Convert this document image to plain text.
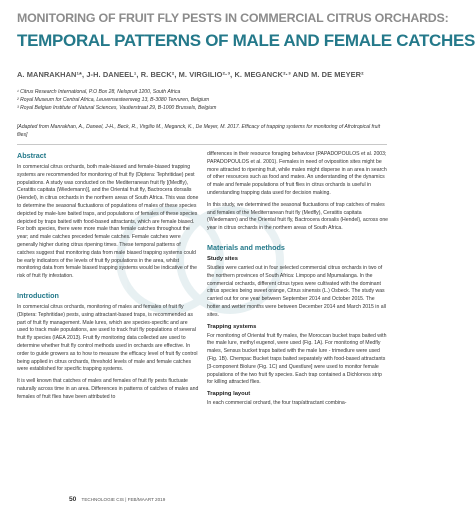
MONITORING OF FRUIT FLY PESTS IN COMMERCIAL CITRUS ORCHARDS:
TEMPORAL PATTERNS OF MALE AND FEMALE CATCHES
A. MANRAKHAN¹*, J-H. DANEEL¹, R. BECK², M. VIRGILIO²·³, K. MEGANCK²·³ AND M. DE MEYER²
¹ Citrus Research International, P.O Box 28, Nelspruit 1200, South Africa
² Royal Museum for Central Africa, Leuvensesteenweg 13, B-3080 Tervuren, Belgium
³ Royal Belgian Institute of Natural Sciences, Vautierstraat 29, B-1000 Brussels, Belgium
[Adapted from Manrakhan, A., Daneel, J-H., Beck, R., Virgilio M., Meganck, K., De Meyer, M. 2017. Efficacy of trapping systems for monitoring of Afrotropical fruit flies]
Abstract

In commercial citrus orchards, both male-biased and female-biased trapping systems are recommended for monitoring of fruit fly (Diptera: Tephritidae) pest populations. A study was conducted on the Mediterranean fruit fly [(Medfly), Ceratitis capitata (Wiedemann)], and the Oriental fruit fly, Bactrocera dorsalis (Hendel), in citrus orchards in the northern areas of South Africa. This was done to determine the seasonal fluctuations of populations of males of these species depicted by male-lure baited traps, and populations of females of these species depicted by traps baited with food-based attractants, which are female biased. For both species, there were more male than female catches throughout the year; and male catches preceded female catches. Female catches were generally higher during citrus ripening times. These temporal patterns of catches suggest that monitoring data from male biased trapping systems could be early indicators of the levels of fruit fly populations in the area, whilst monitoring data from female biased trapping systems would be indicative of the risk of fruit fly infestation.

Introduction

In commercial citrus orchards, monitoring of males and females of fruit fly (Diptera: Tephritidae) pests, using attractant-based traps, is recommended as part of fruit fly management. Male lures, which are species-specific and are used to track male populations, are used to track fruit fly populations of several fruit fly species (IAEA 2013). Fruit fly monitoring data collected are used to determine whether fruit fly control methods used in orchards are effective. In order to guide growers as to how to measure the efficacy level of fruit fly control being applied in citrus orchards, threshold levels of male and female catches were established for specific trapping systems.

It is well known that catches of males and females of fruit fly pests fluctuate naturally across time in an area. Differences in patterns of catches of males and females of fruit flies have been attributed to

differences in their resource foraging behaviour (PAPADOPOULOS et al. 2003; PAPADOPOULOS et al. 2001). Females in need of oviposition sites might be more attracted to ripening fruit, while males might disperse in an area in search of other resources such as food and mates. An understanding of the dynamics of male and female populations of fruit flies in citrus orchards is useful in understanding trapping data used for decision making.

In this study, we determined the seasonal fluctuations of trap catches of males and females of the Mediterranean fruit fly (Medfly), Ceratitis capitata (Wiedemann) and the Oriental fruit fly, Bactrocera dorsalis (Hendel), across one year in citrus orchards in the northern areas of South Africa.

Materials and methods
Study sites

Studies were carried out in four selected commercial citrus orchards in two of the northern provinces of South Africa: Limpopo and Mpumalanga. In the commercial orchards, different citrus types were cultivated with the dominant citrus species being sweet orange, Citrus sinensis (L.) Osbeck. The study was carried out for one year between September 2014 and October 2015. The hotter and wetter months were between December 2014 and March 2015 in all sites.

Trapping systems

For monitoring of Oriental fruit fly males, the Moroccan bucket traps baited with the male lure, methyl eugenol, were used (Fig. 1A). For monitoring of Medfly males, Sensus bucket traps baited with the male lure - trimedlure were used (Fig. 1B). Chempac Bucket traps baited separately with food-based attractants [3-component Biolure (Fig. 1C) and Questlure] were used to monitor female populations of the two fruit fly species. Each trap contained a Dichlorvos strip for killing attracted flies.

Trapping layout

In each commercial orchard, the four trap/attractant combina-

50 TECHNOLOGIE CIS | FEB/MAART 2019
